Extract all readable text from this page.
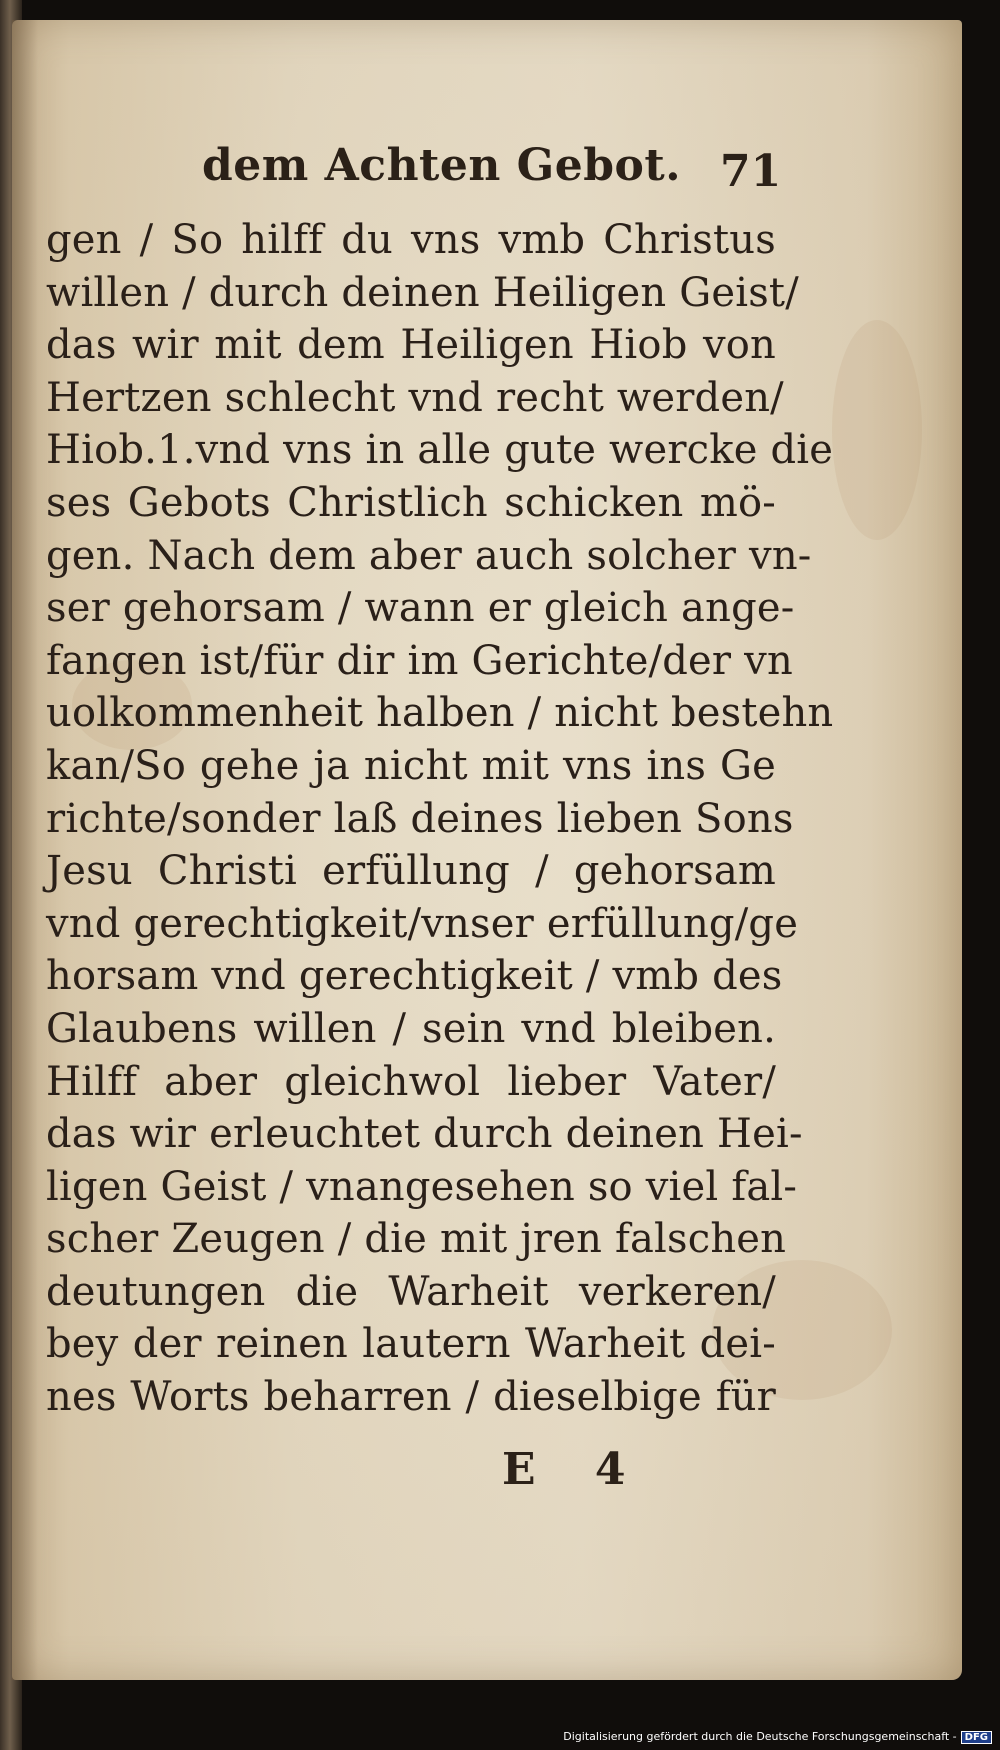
dem Achten Gebot. 71
gen / So hilff du vns vmb Christus
willen / durch deinen Heiligen Geist/
das wir mit dem Heiligen Hiob von
Hertzen schlecht vnd recht werden/
Hiob.1.vnd vns in alle gute wercke die
ses Gebots Christlich schicken mö-
gen. Nach dem aber auch solcher vn-
ser gehorsam / wann er gleich ange-
fangen ist/für dir im Gerichte/der vn
uolkommenheit halben / nicht bestehn
kan/So gehe ja nicht mit vns ins Ge
richte/sonder laß deines lieben Sons
Jesu Christi erfüllung / gehorsam
vnd gerechtigkeit/vnser erfüllung/ge
horsam vnd gerechtigkeit / vmb des
Glaubens willen / sein vnd bleiben.
Hilff aber gleichwol lieber Vater/
das wir erleuchtet durch deinen Hei-
ligen Geist / vnangesehen so viel fal-
scher Zeugen / die mit jren falschen
deutungen die Warheit verkeren/
bey der reinen lautern Warheit dei-
nes Worts beharren / dieselbige für
E 4
Digitalisierung gefördert durch die Deutsche Forschungsgemeinschaft - DFG
